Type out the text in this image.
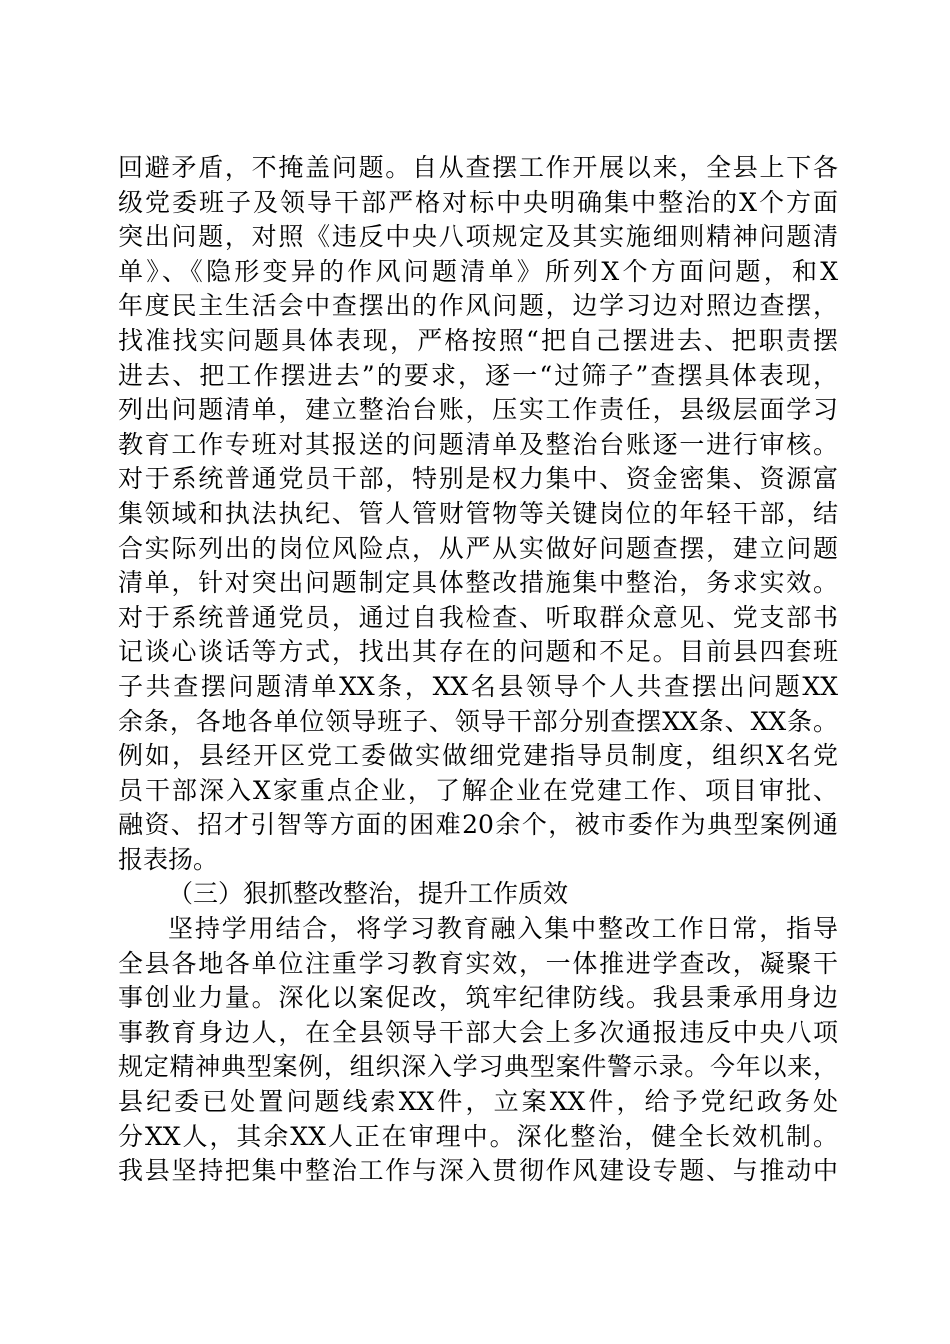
回避矛盾，不掩盖问题。自从查摆工作开展以来，全县上下各
级党委班子及领导干部严格对标中央明确集中整治的X个方面
突出问题，对照《违反中央八项规定及其实施细则精神问题清
单》、《隐形变异的作风问题清单》所列X个方面问题，和X
年度民主生活会中查摆出的作风问题，边学习边对照边查摆，
找准找实问题具体表现，严格按照“把自己摆进去、把职责摆
进去、把工作摆进去”的要求，逐一“过筛子”查摆具体表现，
列出问题清单，建立整治台账，压实工作责任，县级层面学习
教育工作专班对其报送的问题清单及整治台账逐一进行审核。
对于系统普通党员干部，特别是权力集中、资金密集、资源富
集领域和执法执纪、管人管财管物等关键岗位的年轻干部，结
合实际列出的岗位风险点，从严从实做好问题查摆，建立问题
清单，针对突出问题制定具体整改措施集中整治，务求实效。
对于系统普通党员，通过自我检查、听取群众意见、党支部书
记谈心谈话等方式，找出其存在的问题和不足。目前县四套班
子共查摆问题清单XX条，XX名县领导个人共查摆出问题XX
余条，各地各单位领导班子、领导干部分别查摆XX条、XX条。
例如，县经开区党工委做实做细党建指导员制度，组织X名党
员干部深入X家重点企业，了解企业在党建工作、项目审批、
融资、招才引智等方面的困难20余个，被市委作为典型案例通
报表扬。
（三）狠抓整改整治，提升工作质效
坚持学用结合，将学习教育融入集中整改工作日常，指导
全县各地各单位注重学习教育实效，一体推进学查改，凝聚干
事创业力量。深化以案促改，筑牢纪律防线。我县秉承用身边
事教育身边人，在全县领导干部大会上多次通报违反中央八项
规定精神典型案例，组织深入学习典型案件警示录。今年以来，
县纪委已处置问题线索XX件，立案XX件，给予党纪政务处
分XX人，其余XX人正在审理中。深化整治，健全长效机制。
我县坚持把集中整治工作与深入贯彻作风建设专题、与推动中
